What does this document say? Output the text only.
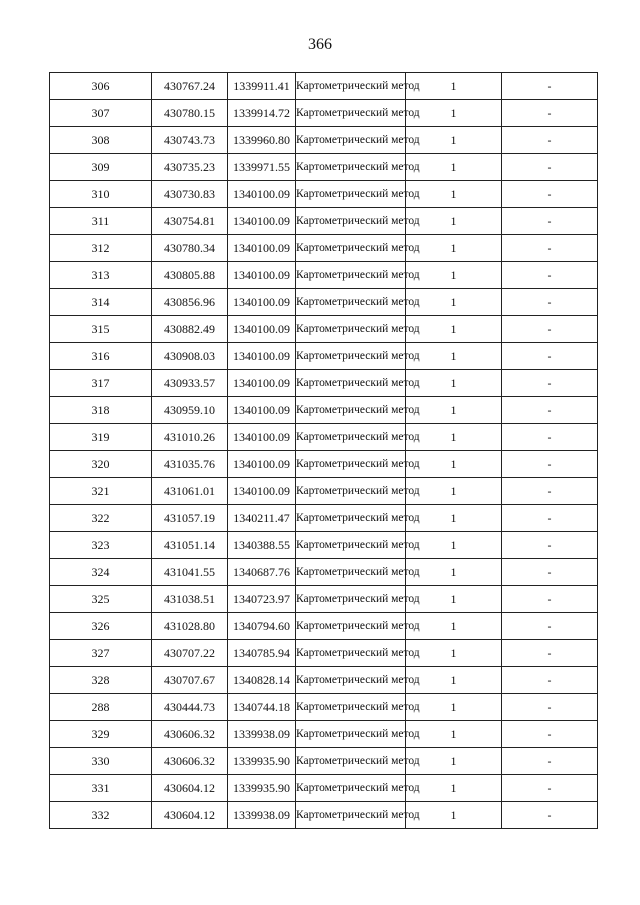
366
306	430767.24	1339911.41	Картометрический метод	1	-
307	430780.15	1339914.72	Картометрический метод	1	-
308	430743.73	1339960.80	Картометрический метод	1	-
309	430735.23	1339971.55	Картометрический метод	1	-
310	430730.83	1340100.09	Картометрический метод	1	-
311	430754.81	1340100.09	Картометрический метод	1	-
312	430780.34	1340100.09	Картометрический метод	1	-
313	430805.88	1340100.09	Картометрический метод	1	-
314	430856.96	1340100.09	Картометрический метод	1	-
315	430882.49	1340100.09	Картометрический метод	1	-
316	430908.03	1340100.09	Картометрический метод	1	-
317	430933.57	1340100.09	Картометрический метод	1	-
318	430959.10	1340100.09	Картометрический метод	1	-
319	431010.26	1340100.09	Картометрический метод	1	-
320	431035.76	1340100.09	Картометрический метод	1	-
321	431061.01	1340100.09	Картометрический метод	1	-
322	431057.19	1340211.47	Картометрический метод	1	-
323	431051.14	1340388.55	Картометрический метод	1	-
324	431041.55	1340687.76	Картометрический метод	1	-
325	431038.51	1340723.97	Картометрический метод	1	-
326	431028.80	1340794.60	Картометрический метод	1	-
327	430707.22	1340785.94	Картометрический метод	1	-
328	430707.67	1340828.14	Картометрический метод	1	-
288	430444.73	1340744.18	Картометрический метод	1	-
329	430606.32	1339938.09	Картометрический метод	1	-
330	430606.32	1339935.90	Картометрический метод	1	-
331	430604.12	1339935.90	Картометрический метод	1	-
332	430604.12	1339938.09	Картометрический метод	1	-
